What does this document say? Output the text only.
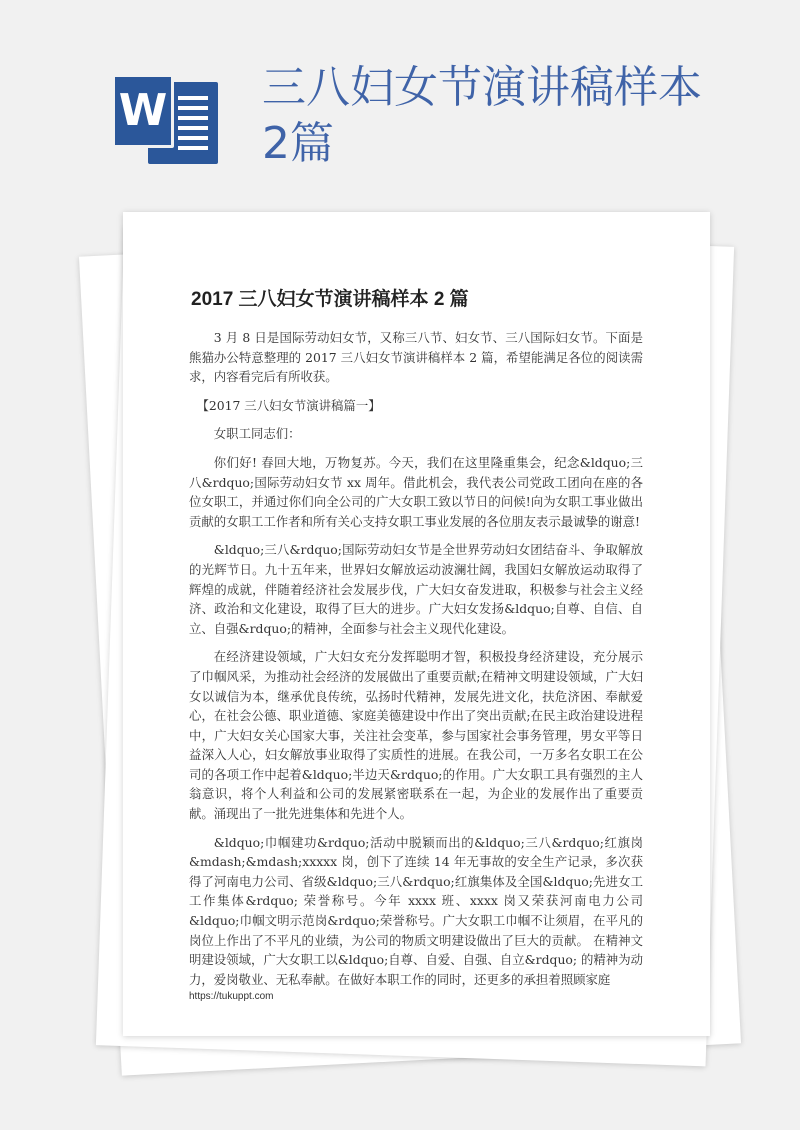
W 三八妇女节演讲稿样本2篇
2017 三八妇女节演讲稿样本 2 篇

3 月 8 日是国际劳动妇女节，又称三八节、妇女节、三八国际妇女节。下面是熊猫办公特意整理的 2017 三八妇女节演讲稿样本 2 篇，希望能满足各位的阅读需求，内容看完后有所收获。

【2017 三八妇女节演讲稿篇一】

女职工同志们：

你们好! 春回大地，万物复苏。今天，我们在这里隆重集会，纪念&ldquo;三八&rdquo;国际劳动妇女节 xx 周年。借此机会，我代表公司党政工团向在座的各位女职工，并通过你们向全公司的广大女职工致以节日的问候!向为女职工事业做出贡献的女职工工作者和所有关心支持女职工事业发展的各位朋友表示最诚挚的谢意!

&ldquo;三八&rdquo;国际劳动妇女节是全世界劳动妇女团结奋斗、争取解放的光辉节日。九十五年来，世界妇女解放运动波澜壮阔，我国妇女解放运动取得了辉煌的成就，伴随着经济社会发展步伐，广大妇女奋发进取，积极参与社会主义经济、政治和文化建设，取得了巨大的进步。广大妇女发扬&ldquo;自尊、自信、自立、自强&rdquo;的精神，全面参与社会主义现代化建设。

在经济建设领域，广大妇女充分发挥聪明才智，积极投身经济建设，充分展示了巾帼风采，为推动社会经济的发展做出了重要贡献;在精神文明建设领域，广大妇女以诚信为本，继承优良传统，弘扬时代精神，发展先进文化，扶危济困、奉献爱心，在社会公德、职业道德、家庭美德建设中作出了突出贡献;在民主政治建设进程中，广大妇女关心国家大事，关注社会变革，参与国家社会事务管理，男女平等日益深入人心，妇女解放事业取得了实质性的进展。在我公司，一万多名女职工在公司的各项工作中起着&ldquo;半边天&rdquo;的作用。广大女职工具有强烈的主人翁意识，将个人利益和公司的发展紧密联系在一起，为企业的发展作出了重要贡献。涌现出了一批先进集体和先进个人。

&ldquo;巾帼建功&rdquo;活动中脱颖而出的&ldquo;三八&rdquo;红旗岗&mdash;&mdash;xxxxx 岗，创下了连续 14 年无事故的安全生产记录，多次获得了河南电力公司、省级&ldquo;三八&rdquo;红旗集体及全国&ldquo;先进女工工作集体&rdquo; 荣誉称号。今年 xxxx 班、xxxx 岗又荣获河南电力公司&ldquo;巾帼文明示范岗&rdquo;荣誉称号。广大女职工巾帼不让须眉，在平凡的岗位上作出了不平凡的业绩，为公司的物质文明建设做出了巨大的贡献。 在精神文明建设领域，广大女职工以&ldquo;自尊、自爱、自强、自立&rdquo; 的精神为动力，爱岗敬业、无私奉献。在做好本职工作的同时，还更多的承担着照顾家庭

https://tukuppt.com
